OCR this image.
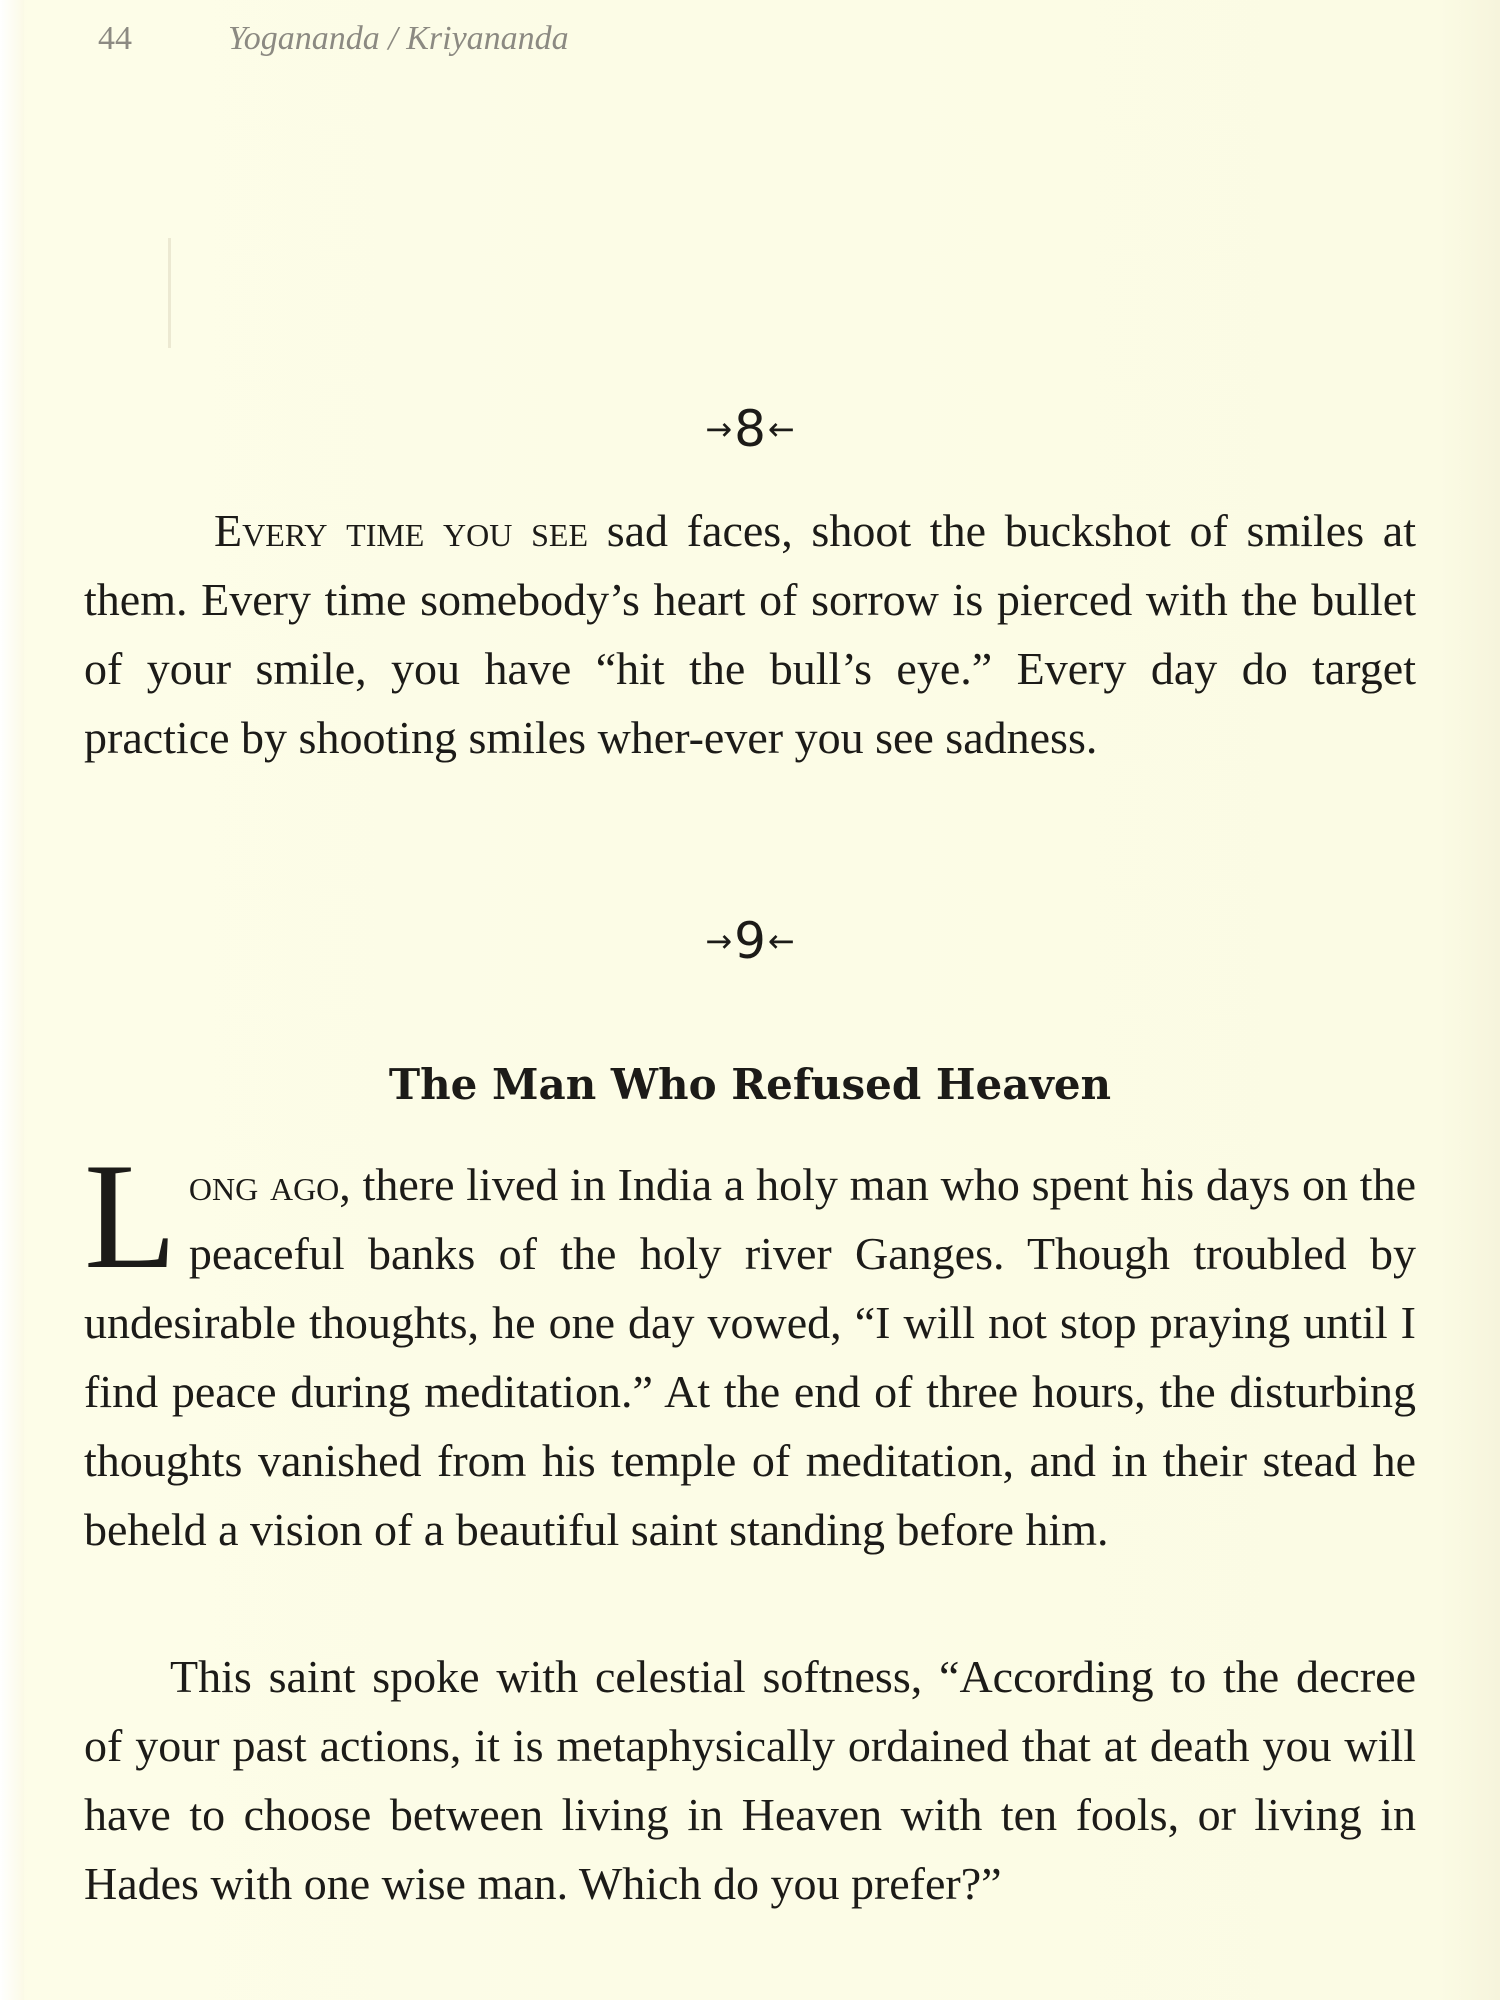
44	Yogananda / Kriyananda
→8←
Every time you see sad faces, shoot the buckshot of smiles at them. Every time somebody’s heart of sorrow is pierced with the bullet of your smile, you have “hit the bull’s eye.” Every day do target practice by shooting smiles wher-ever you see sadness.
→9←
The Man Who Refused Heaven
Long ago, there lived in India a holy man who spent his days on the peaceful banks of the holy river Ganges. Though troubled by undesirable thoughts, he one day vowed, “I will not stop praying until I find peace during meditation.” At the end of three hours, the disturbing thoughts vanished from his temple of meditation, and in their stead he beheld a vision of a beautiful saint standing before him.
This saint spoke with celestial softness, “According to the decree of your past actions, it is metaphysically ordained that at death you will have to choose between living in Heaven with ten fools, or living in Hades with one wise man. Which do you prefer?”
